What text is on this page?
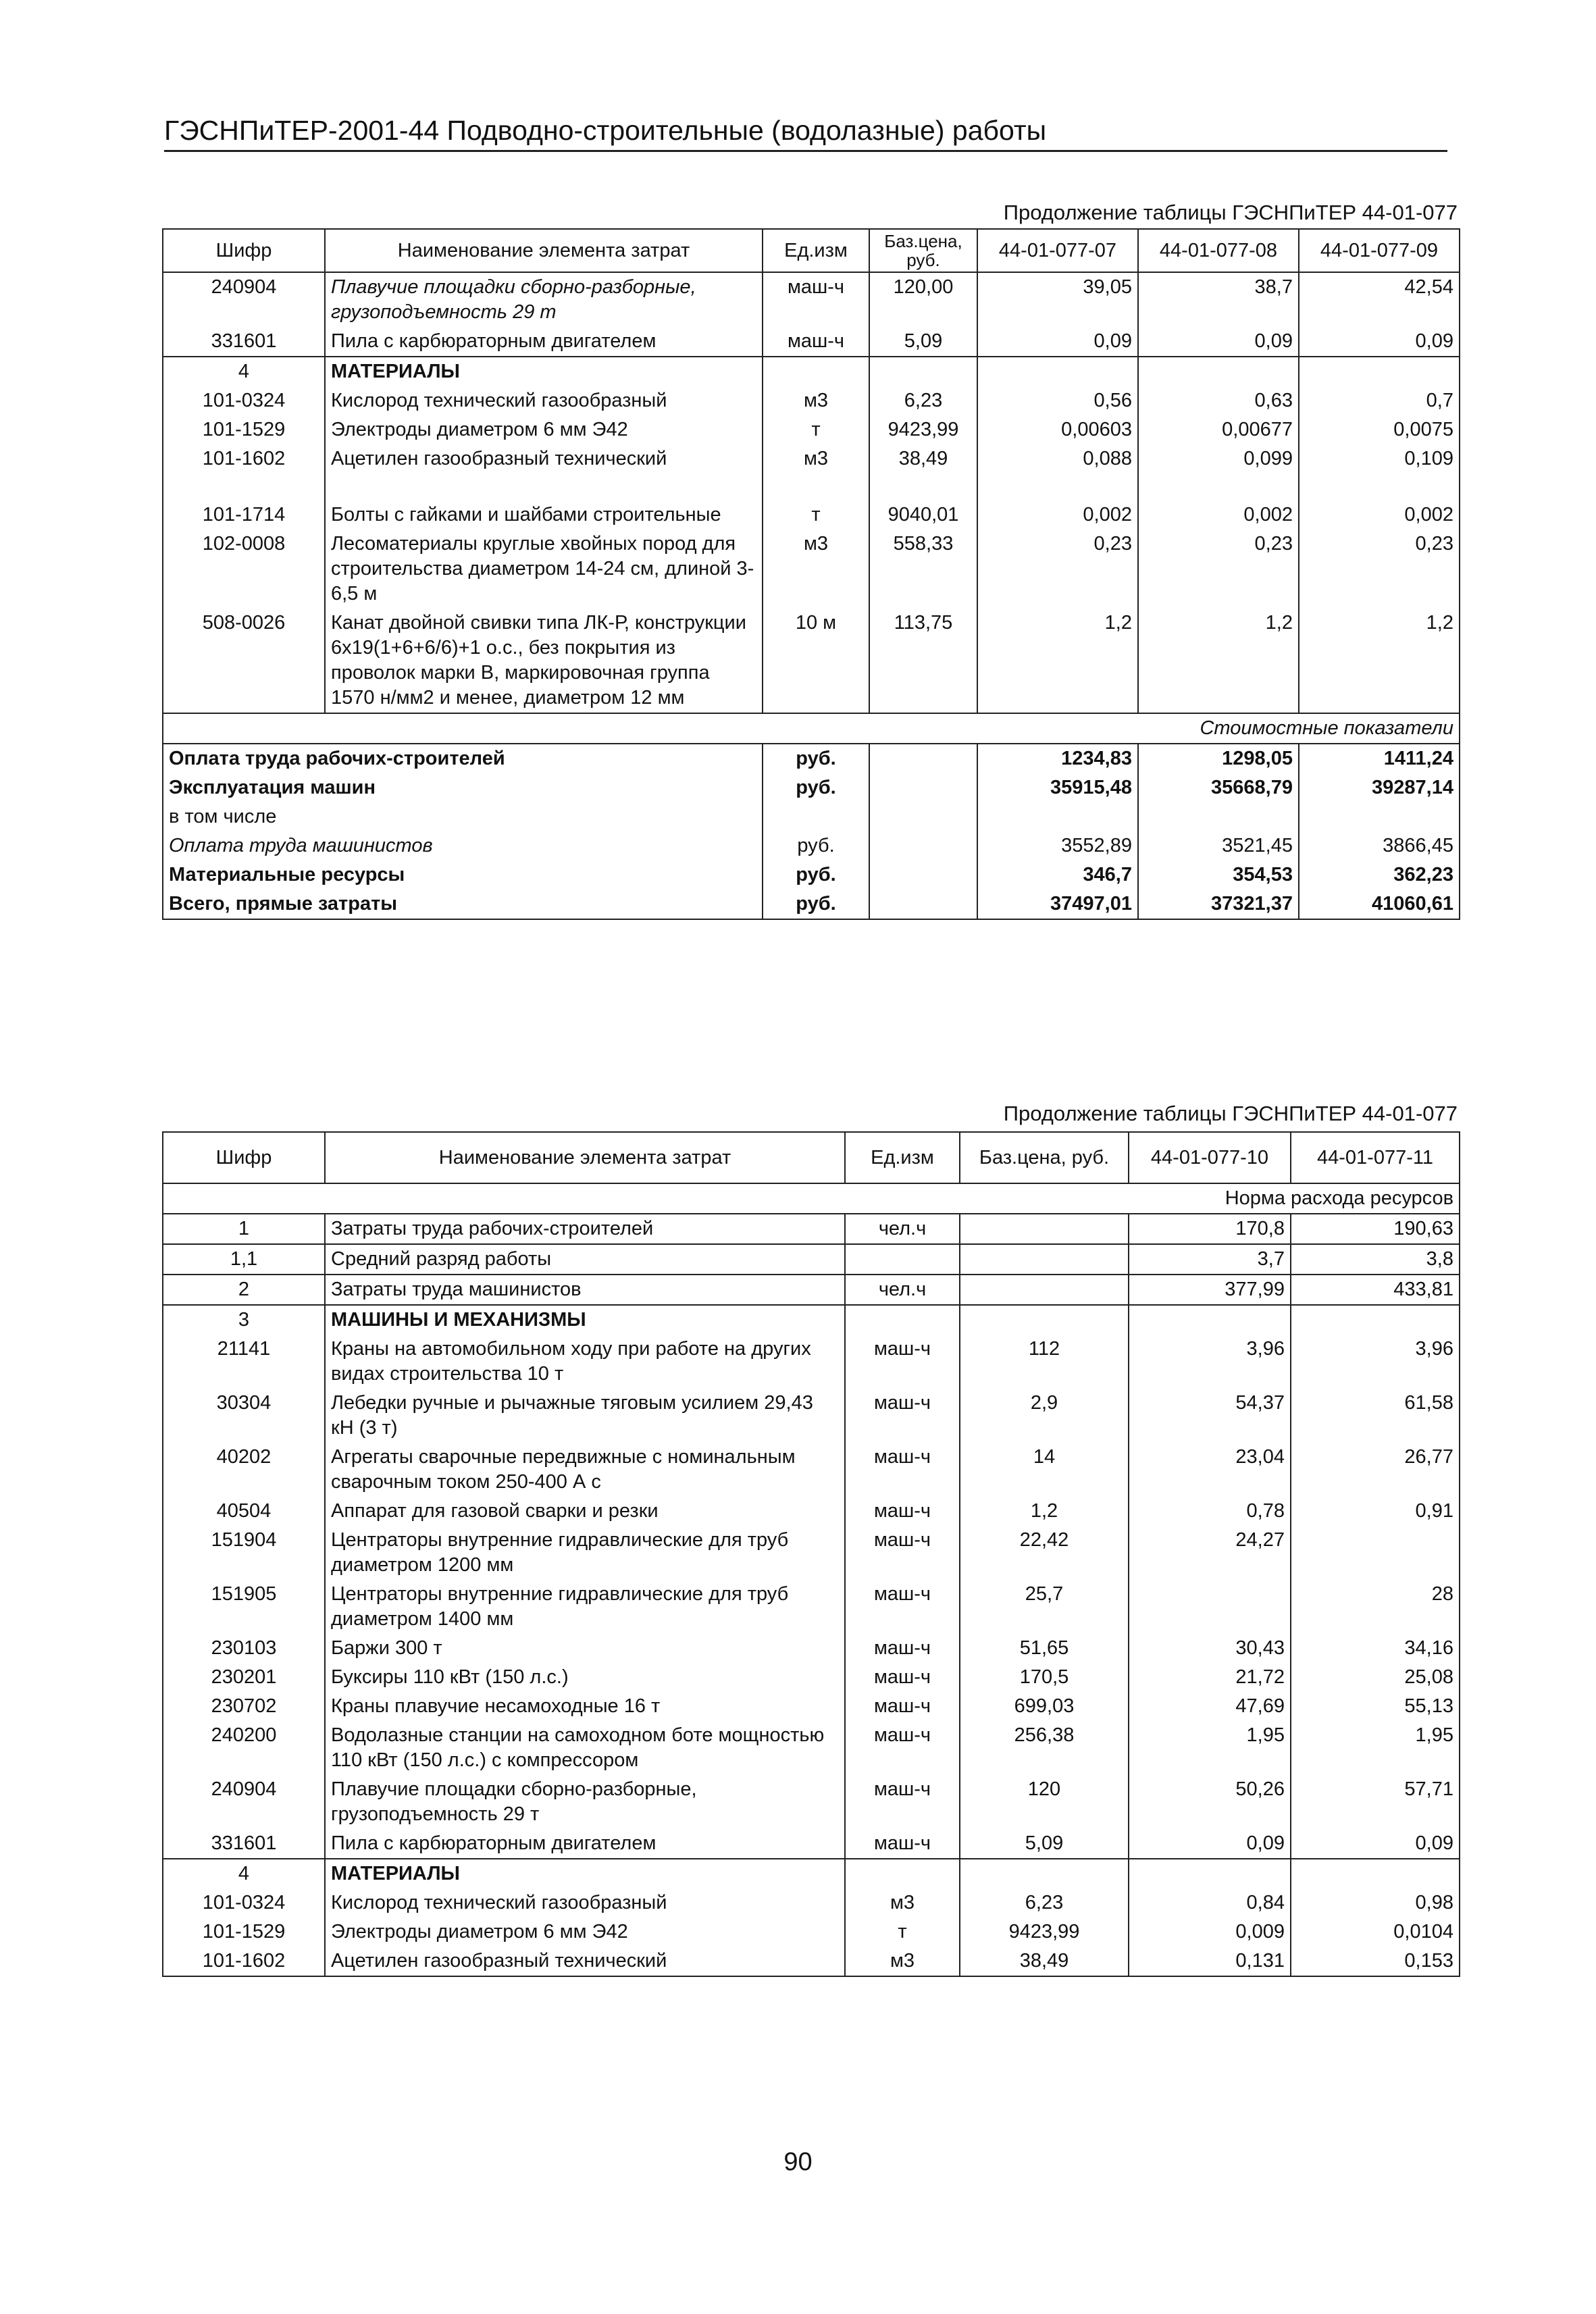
ГЭСНПиТЕР-2001-44 Подводно-строительные (водолазные) работы
Продолжение таблицы ГЭСНПиТЕР 44-01-077
Шифр	Наименование элемента затрат	Ед.изм	Баз.цена, руб.	44-01-077-07	44-01-077-08	44-01-077-09
240904	Плавучие площадки сборно-разборные, грузоподъемность 29 т	маш-ч	120,00	39,05	38,7	42,54
331601	Пила с карбюраторным двигателем	маш-ч	5,09	0,09	0,09	0,09
4	МАТЕРИАЛЫ					
101-0324	Кислород технический газообразный	м3	6,23	0,56	0,63	0,7
101-1529	Электроды диаметром 6 мм Э42	т	9423,99	0,00603	0,00677	0,0075
101-1602	Ацетилен газообразный технический	м3	38,49	0,088	0,099	0,109

101-1714	Болты с гайками и шайбами строительные	т	9040,01	0,002	0,002	0,002
102-0008	Лесоматериалы круглые хвойных пород для строительства диаметром 14-24 см, длиной 3-6,5 м	м3	558,33	0,23	0,23	0,23
508-0026	Канат двойной свивки типа ЛК-Р, конструкции 6х19(1+6+6/6)+1 о.с., без покрытия из проволок марки В, маркировочная группа 1570 н/мм2 и менее, диаметром 12 мм	10 м	113,75	1,2	1,2	1,2
Стоимостные показатели						
Оплата труда рабочих-строителей		руб.		1234,83	1298,05	1411,24
Эксплуатация машин		руб.		35915,48	35668,79	39287,14
в том числе						
Оплата труда машинистов		руб.		3552,89	3521,45	3866,45
Материальные ресурсы		руб.		346,7	354,53	362,23
Всего, прямые затраты		руб.		37497,01	37321,37	41060,61
Продолжение таблицы ГЭСНПиТЕР 44-01-077
Шифр	Наименование элемента затрат	Ед.изм	Баз.цена, руб.	44-01-077-10	44-01-077-11
Норма расхода ресурсов					
1	Затраты труда рабочих-строителей	чел.ч		170,8	190,63
1,1	Средний разряд работы			3,7	3,8
2	Затраты труда машинистов	чел.ч		377,99	433,81
3	МАШИНЫ И МЕХАНИЗМЫ				
21141	Краны на автомобильном ходу при работе на других видах строительства 10 т	маш-ч	112	3,96	3,96
30304	Лебедки ручные и рычажные тяговым усилием 29,43 кН (3 т)	маш-ч	2,9	54,37	61,58
40202	Агрегаты сварочные передвижные с номинальным сварочным током 250-400 А с	маш-ч	14	23,04	26,77
40504	Аппарат для газовой сварки и резки	маш-ч	1,2	0,78	0,91
151904	Центраторы внутренние гидравлические для труб диаметром 1200 мм	маш-ч	22,42	24,27	
151905	Центраторы внутренние гидравлические для труб диаметром 1400 мм	маш-ч	25,7		28
230103	Баржи 300 т	маш-ч	51,65	30,43	34,16
230201	Буксиры 110 кВт (150 л.с.)	маш-ч	170,5	21,72	25,08
230702	Краны плавучие несамоходные 16 т	маш-ч	699,03	47,69	55,13
240200	Водолазные станции на самоходном боте мощностью 110 кВт (150 л.с.) с компрессором	маш-ч	256,38	1,95	1,95
240904	Плавучие площадки сборно-разборные, грузоподъемность 29 т	маш-ч	120	50,26	57,71
331601	Пила с карбюраторным двигателем	маш-ч	5,09	0,09	0,09
4	МАТЕРИАЛЫ				
101-0324	Кислород технический газообразный	м3	6,23	0,84	0,98
101-1529	Электроды диаметром 6 мм Э42	т	9423,99	0,009	0,0104
101-1602	Ацетилен газообразный технический	м3	38,49	0,131	0,153
90
